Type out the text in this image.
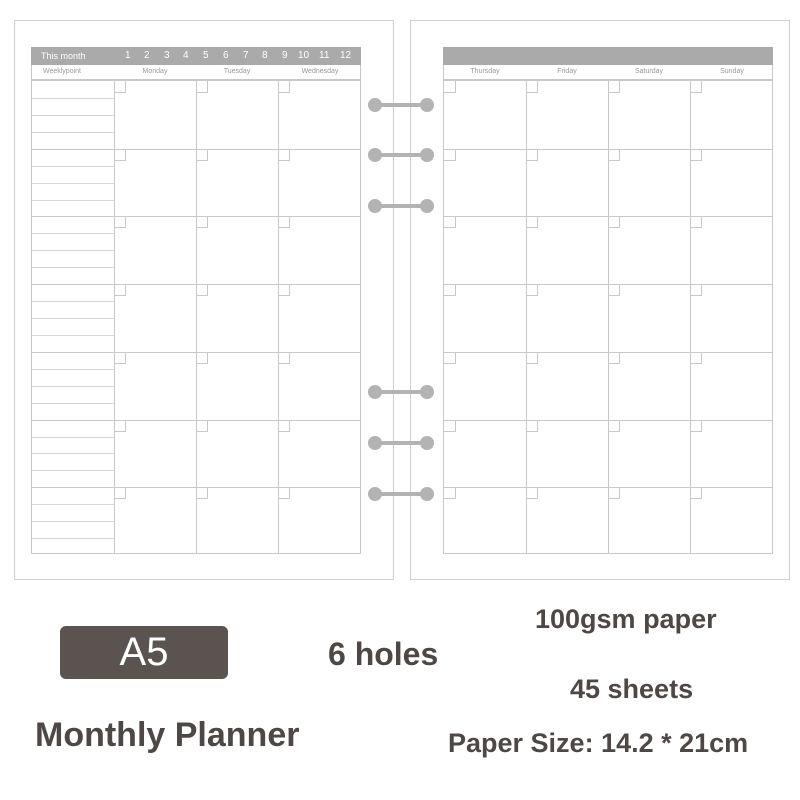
This month	1 2 3 4 5 6 7 8 9 10 11 12
Weeklypoint	Monday	Tuesday	Wednesday	Thursday	Friday	Saturday	Sunday
A5	6 holes
Monthly Planner
100gsm paper
45 sheets
Paper Size: 14.2 * 21cm
